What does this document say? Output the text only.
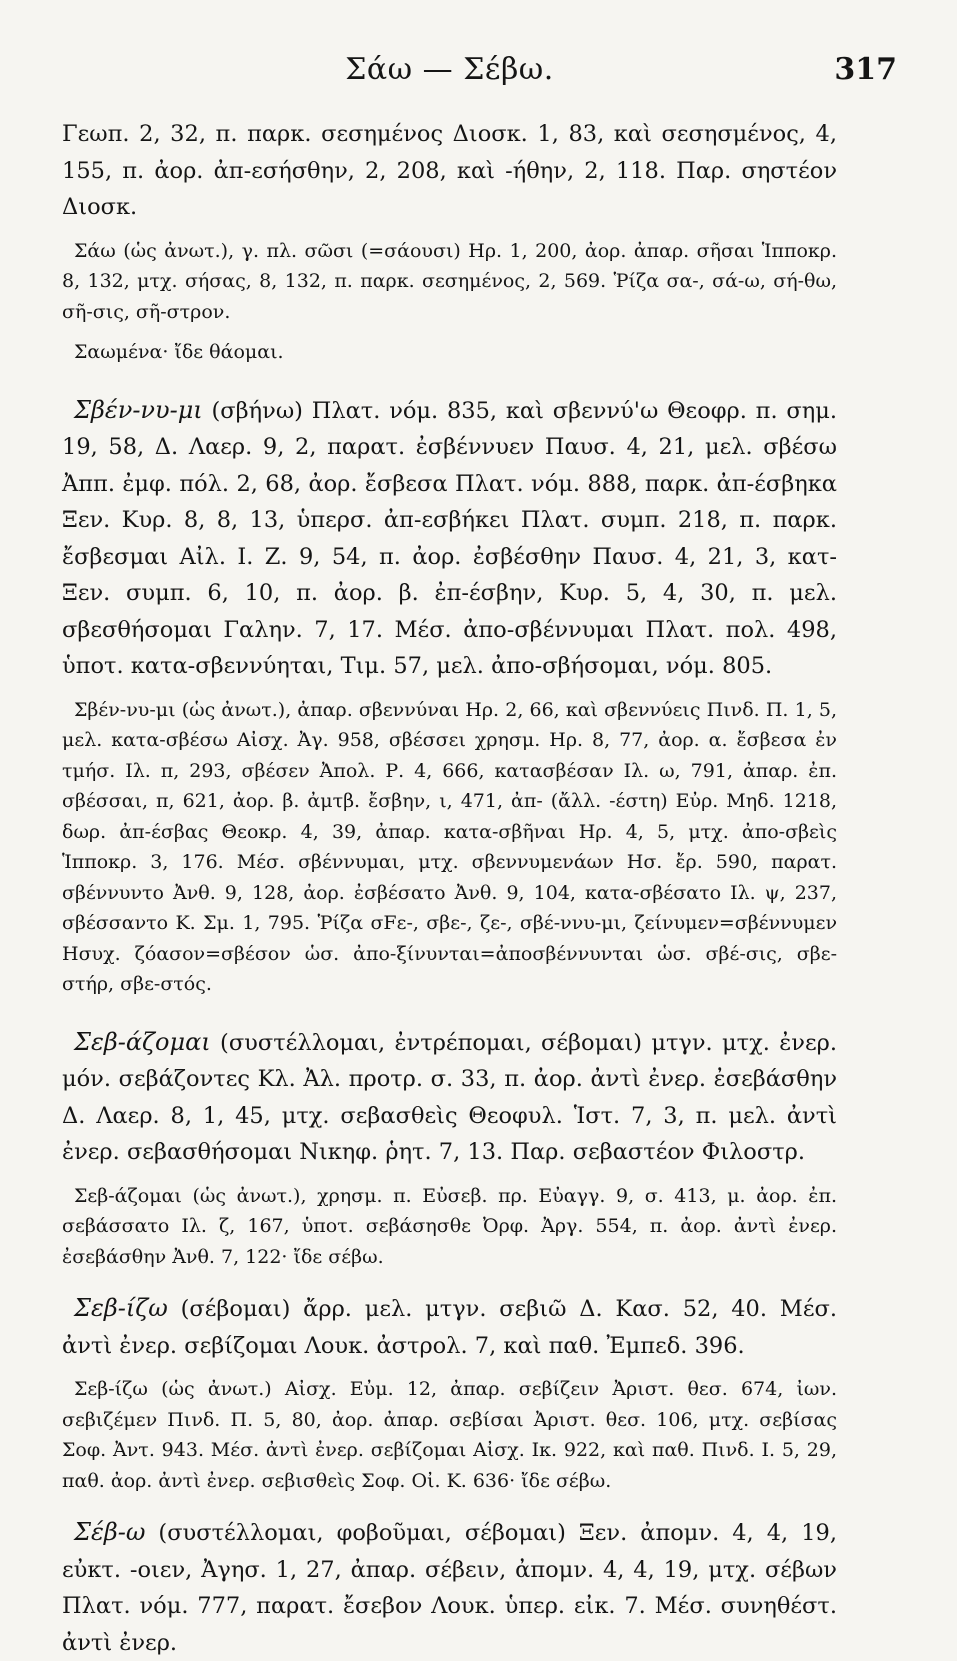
Σάω — Σέβω.	317

Γεωπ. 2, 32, π. παρκ. σεσημένος Διοσκ. 1, 83, καὶ σεσησμένος, 4, 155, π. ἀορ. ἀπ-εσήσθην, 2, 208, καὶ -ήθην, 2, 118. Παρ. σηστέον Διοσκ.

Σάω (ὡς ἀνωτ.), γ. πλ. σῶσι (=σάουσι) Ηρ. 1, 200, ἀορ. ἀπαρ. σῆσαι Ἱπποκρ. 8, 132, μτχ. σήσας, 8, 132, π. παρκ. σεσημένος, 2, 569. Ῥίζα σα-, σά-ω, σή-θω, σῆ-σις, σῆ-στρον.

Σαωμένα· ἴδε θάομαι.

Σβέν-νυ-μι (σβήνω) Πλατ. νόμ. 835, καὶ σβεννύ'ω Θεοφρ. π. σημ. 19, 58, Δ. Λαερ. 9, 2, παρατ. ἐσβέννυεν Παυσ. 4, 21, μελ. σβέσω Ἀππ. ἐμφ. πόλ. 2, 68, ἀορ. ἔσβεσα Πλατ. νόμ. 888, παρκ. ἀπ-έσβηκα Ξεν. Κυρ. 8, 8, 13, ὑπερσ. ἀπ-εσβήκει Πλατ. συμπ. 218, π. παρκ. ἔσβεσμαι Αἰλ. Ι. Ζ. 9, 54, π. ἀορ. ἐσβέσθην Παυσ. 4, 21, 3, κατ- Ξεν. συμπ. 6, 10, π. ἀορ. β. ἐπ-έσβην, Κυρ. 5, 4, 30, π. μελ. σβεσθήσομαι Γαλην. 7, 17. Μέσ. ἀπο-σβέννυμαι Πλατ. πολ. 498, ὑποτ. κατα-σβεννύηται, Τιμ. 57, μελ. ἀπο-σβήσομαι, νόμ. 805.

Σβέν-νυ-μι (ὡς ἀνωτ.), ἀπαρ. σβεννύναι Ηρ. 2, 66, καὶ σβεννύεις Πινδ. Π. 1, 5, μελ. κατα-σβέσω Αἰσχ. Ἀγ. 958, σβέσσει χρησμ. Ηρ. 8, 77, ἀορ. α. ἔσβεσα ἐν τμήσ. Ιλ. π, 293, σβέσεν Ἀπολ. Ρ. 4, 666, κατασβέσαν Ιλ. ω, 791, ἀπαρ. ἐπ. σβέσσαι, π, 621, ἀορ. β. ἀμτβ. ἔσβην, ι, 471, ἀπ- (ἄλλ. -έστη) Εὐρ. Μηδ. 1218, δωρ. ἀπ-έσβας Θεοκρ. 4, 39, ἀπαρ. κατα-σβῆναι Ηρ. 4, 5, μτχ. ἀπο-σβεὶς Ἱπποκρ. 3, 176. Μέσ. σβέννυμαι, μτχ. σβεννυμενάων Ησ. ἔρ. 590, παρατ. σβέννυντο Ἀνθ. 9, 128, ἀορ. ἐσβέσατο Ἀνθ. 9, 104, κατα-σβέσατο Ιλ. ψ, 237, σβέσσαντο Κ. Σμ. 1, 795. Ῥίζα σFε-, σβε-, ζε-, σβέ-ννυ-μι, ζείνυμεν=σβέννυμεν Ησυχ. ζόασον=σβέσον ὡσ. ἀπο-ξίνυνται=ἀποσβέννυνται ὡσ. σβέ-σις, σβε-στήρ, σβε-στός.

Σεβ-άζομαι (συστέλλομαι, ἐντρέπομαι, σέβομαι) μτγν. μτχ. ἐνερ. μόν. σεβάζοντες Κλ. Ἀλ. προτρ. σ. 33, π. ἀορ. ἀντὶ ἐνερ. ἐσεβάσθην Δ. Λαερ. 8, 1, 45, μτχ. σεβασθεὶς Θεοφυλ. Ἱστ. 7, 3, π. μελ. ἀντὶ ἐνερ. σεβασθήσομαι Νικηφ. ῥητ. 7, 13. Παρ. σεβαστέον Φιλοστρ.

Σεβ-άζομαι (ὡς ἀνωτ.), χρησμ. π. Εὐσεβ. πρ. Εὐαγγ. 9, σ. 413, μ. ἀορ. ἐπ. σεβάσσατο Ιλ. ζ, 167, ὑποτ. σεβάσησθε Ὀρφ. Ἀργ. 554, π. ἀορ. ἀντὶ ἐνερ. ἐσεβάσθην Ἀνθ. 7, 122· ἴδε σέβω.

Σεβ-ίζω (σέβομαι) ἄρρ. μελ. μτγν. σεβιῶ Δ. Κασ. 52, 40. Μέσ. ἀντὶ ἐνερ. σεβίζομαι Λουκ. ἀστρολ. 7, καὶ παθ. Ἐμπεδ. 396.

Σεβ-ίζω (ὡς ἀνωτ.) Αἰσχ. Εὐμ. 12, ἀπαρ. σεβίζειν Ἀριστ. θεσ. 674, ἰων. σεβιζέμεν Πινδ. Π. 5, 80, ἀορ. ἀπαρ. σεβίσαι Ἀριστ. θεσ. 106, μτχ. σεβίσας Σοφ. Ἀντ. 943. Μέσ. ἀντὶ ἐνερ. σεβίζομαι Αἰσχ. Ικ. 922, καὶ παθ. Πινδ. Ι. 5, 29, παθ. ἀορ. ἀντὶ ἐνερ. σεβισθεὶς Σοφ. Οἰ. Κ. 636· ἴδε σέβω.

Σέβ-ω (συστέλλομαι, φοβοῦμαι, σέβομαι) Ξεν. ἀπομν. 4, 4, 19, εὐκτ. -οιεν, Ἀγησ. 1, 27, ἀπαρ. σέβειν, ἀπομν. 4, 4, 19, μτχ. σέβων Πλατ. νόμ. 777, παρατ. ἔσεβον Λουκ. ὑπερ. εἰκ. 7. Μέσ. συνηθέστ. ἀντὶ ἐνερ.
